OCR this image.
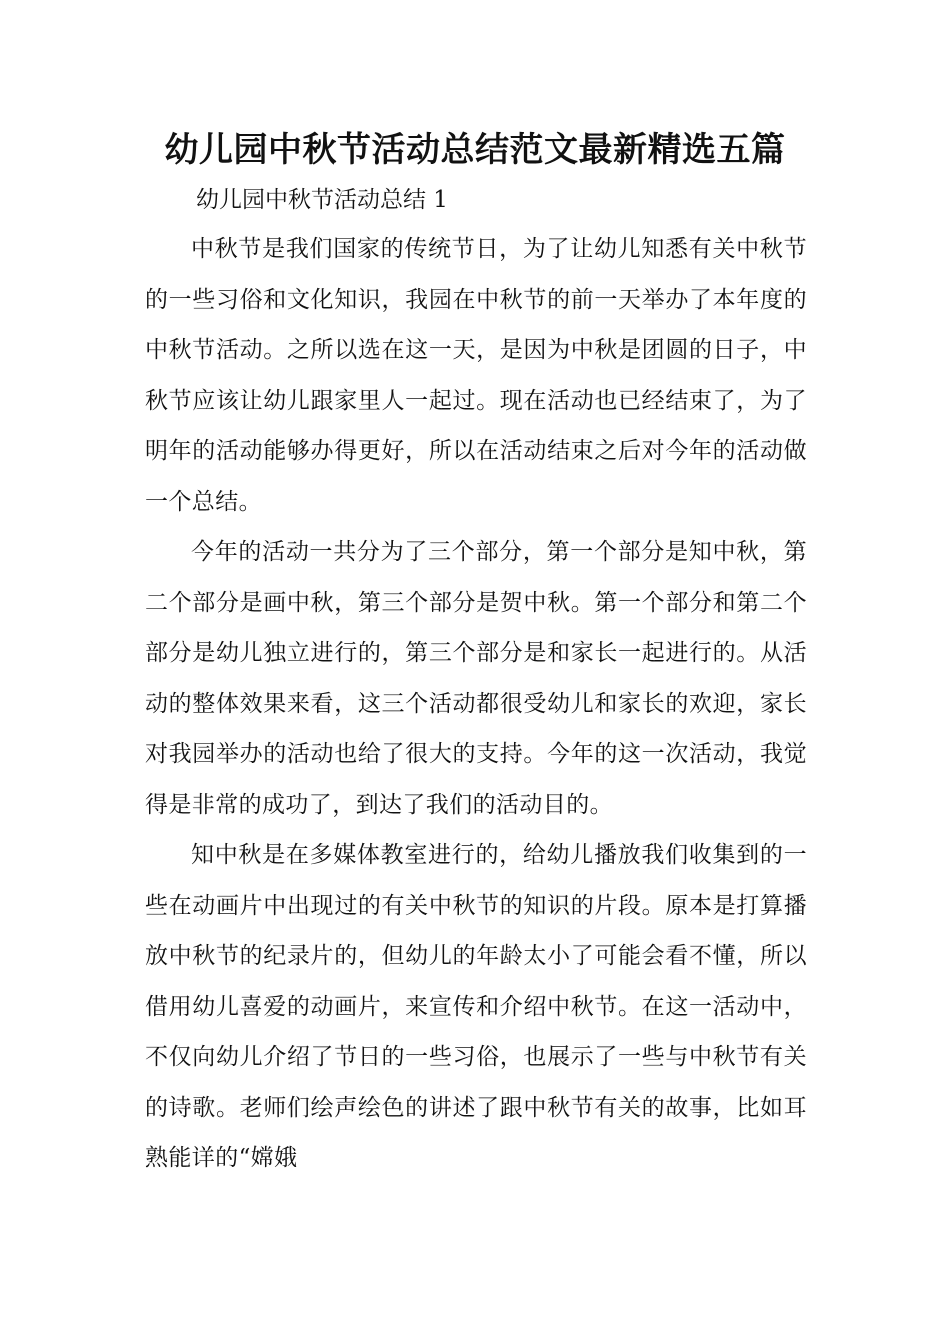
幼儿园中秋节活动总结范文最新精选五篇

幼儿园中秋节活动总结 1

中秋节是我们国家的传统节日，为了让幼儿知悉有关中秋节的一些习俗和文化知识，我园在中秋节的前一天举办了本年度的中秋节活动。之所以选在这一天，是因为中秋是团圆的日子，中秋节应该让幼儿跟家里人一起过。现在活动也已经结束了，为了明年的活动能够办得更好，所以在活动结束之后对今年的活动做一个总结。

今年的活动一共分为了三个部分，第一个部分是知中秋，第二个部分是画中秋，第三个部分是贺中秋。第一个部分和第二个部分是幼儿独立进行的，第三个部分是和家长一起进行的。从活动的整体效果来看，这三个活动都很受幼儿和家长的欢迎，家长对我园举办的活动也给了很大的支持。今年的这一次活动，我觉得是非常的成功了，到达了我们的活动目的。

知中秋是在多媒体教室进行的，给幼儿播放我们收集到的一些在动画片中出现过的有关中秋节的知识的片段。原本是打算播放中秋节的纪录片的，但幼儿的年龄太小了可能会看不懂，所以借用幼儿喜爱的动画片，来宣传和介绍中秋节。在这一活动中，不仅向幼儿介绍了节日的一些习俗，也展示了一些与中秋节有关的诗歌。老师们绘声绘色的讲述了跟中秋节有关的故事，比如耳熟能详的“嫦娥
